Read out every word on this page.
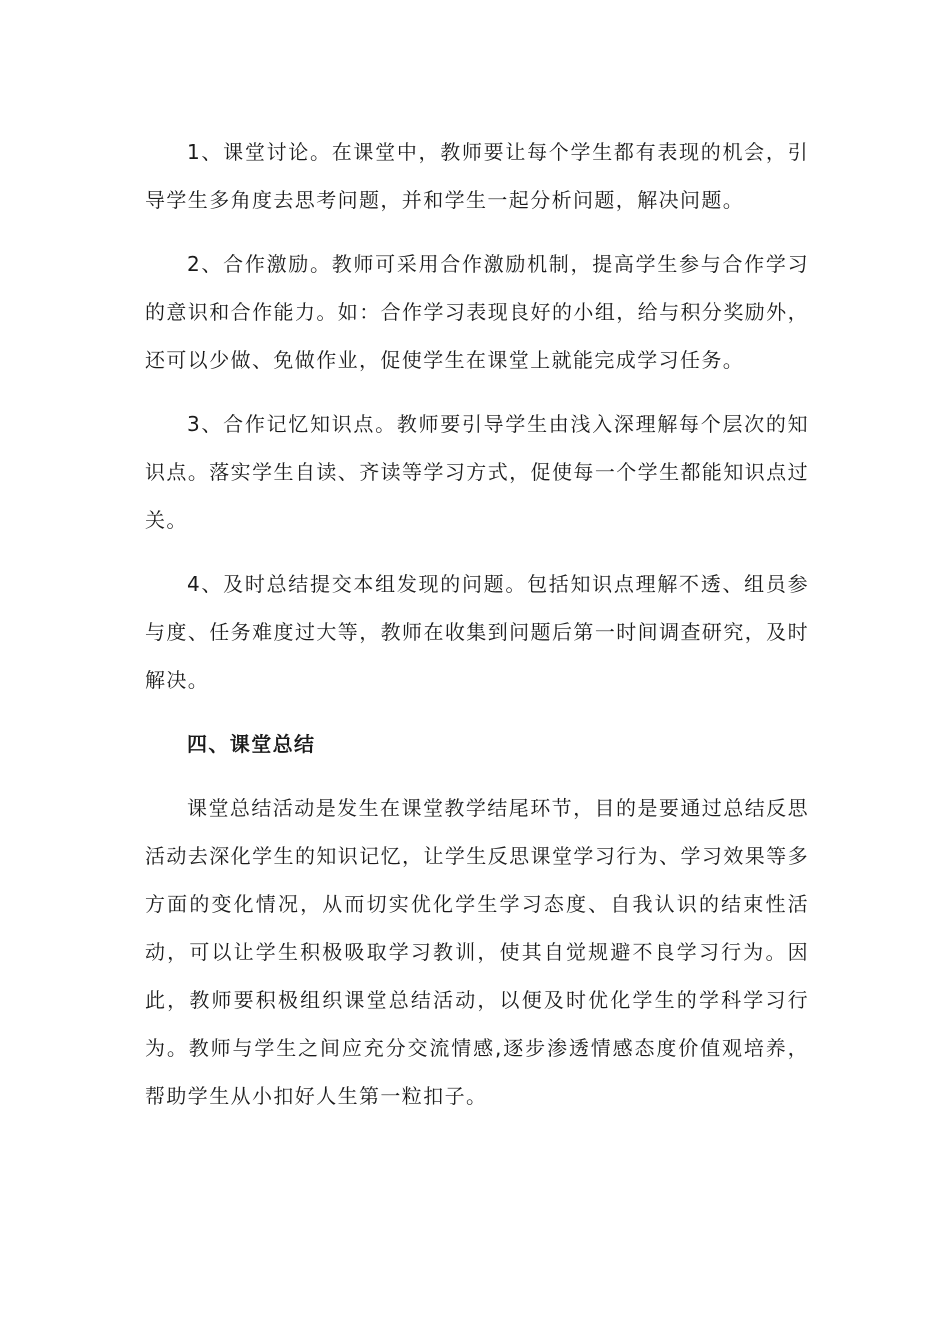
1、课堂讨论。在课堂中，教师要让每个学生都有表现的机会，引导学生多角度去思考问题，并和学生一起分析问题，解决问题。

2、合作激励。教师可采用合作激励机制，提高学生参与合作学习的意识和合作能力。如：合作学习表现良好的小组，给与积分奖励外，还可以少做、免做作业，促使学生在课堂上就能完成学习任务。

3、合作记忆知识点。教师要引导学生由浅入深理解每个层次的知识点。落实学生自读、齐读等学习方式，促使每一个学生都能知识点过关。

4、及时总结提交本组发现的问题。包括知识点理解不透、组员参与度、任务难度过大等，教师在收集到问题后第一时间调查研究，及时解决。

四、课堂总结

课堂总结活动是发生在课堂教学结尾环节，目的是要通过总结反思活动去深化学生的知识记忆，让学生反思课堂学习行为、学习效果等多方面的变化情况，从而切实优化学生学习态度、自我认识的结束性活动，可以让学生积极吸取学习教训，使其自觉规避不良学习行为。因此，教师要积极组织课堂总结活动，以便及时优化学生的学科学习行为。教师与学生之间应充分交流情感,逐步渗透情感态度价值观培养，帮助学生从小扣好人生第一粒扣子。
